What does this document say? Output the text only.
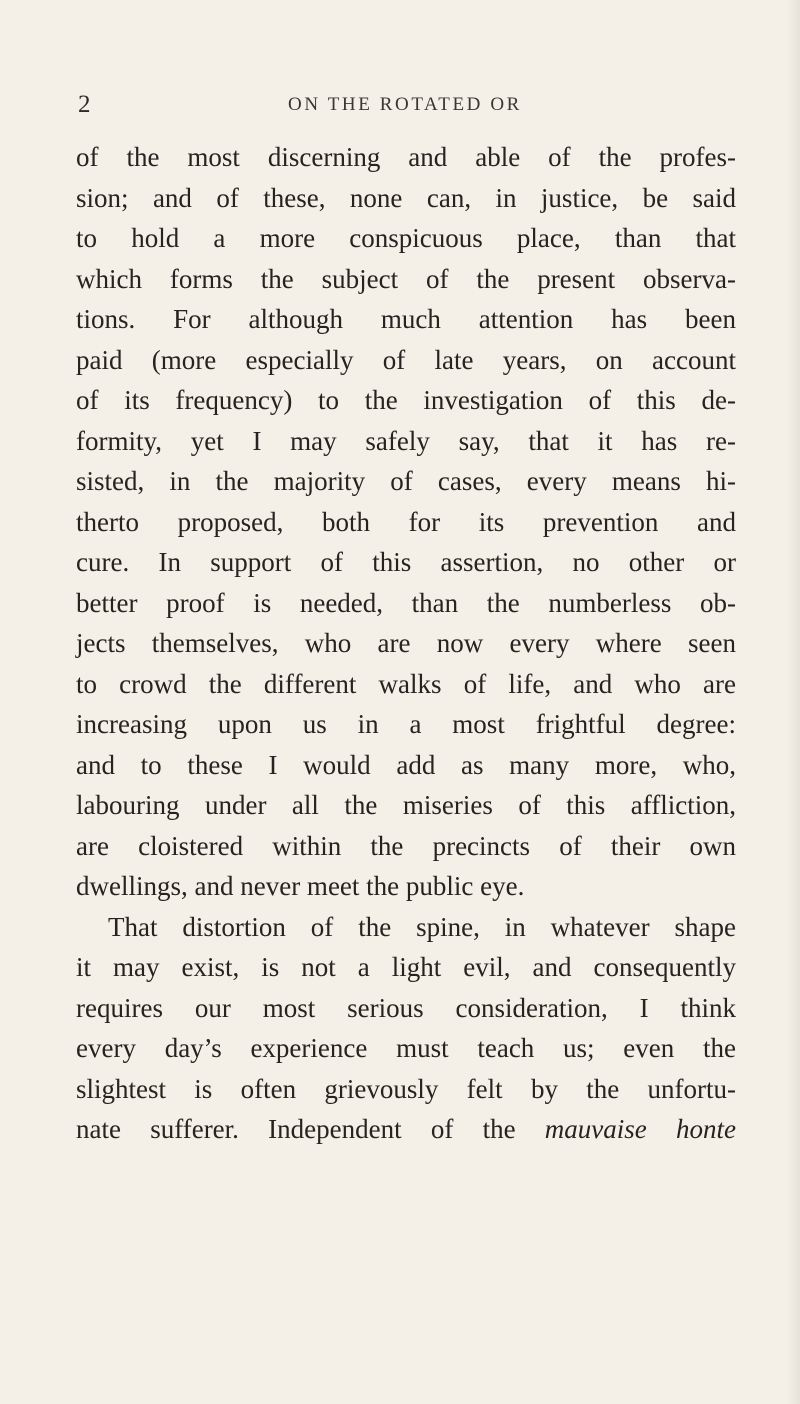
2	ON THE ROTATED OR
of the most discerning and able of the profes-
sion; and of these, none can, in justice, be said
to hold a more conspicuous place, than that
which forms the subject of the present observa-
tions. For although much attention has been
paid (more especially of late years, on account
of its frequency) to the investigation of this de-
formity, yet I may safely say, that it has re-
sisted, in the majority of cases, every means hi-
therto proposed, both for its prevention and
cure. In support of this assertion, no other or
better proof is needed, than the numberless ob-
jects themselves, who are now every where seen
to crowd the different walks of life, and who are
increasing upon us in a most frightful degree:
and to these I would add as many more, who,
labouring under all the miseries of this affliction,
are cloistered within the precincts of their own
dwellings, and never meet the public eye.
That distortion of the spine, in whatever shape
it may exist, is not a light evil, and consequently
requires our most serious consideration, I think
every day’s experience must teach us; even the
slightest is often grievously felt by the unfortu-
nate sufferer. Independent of the mauvaise honte
